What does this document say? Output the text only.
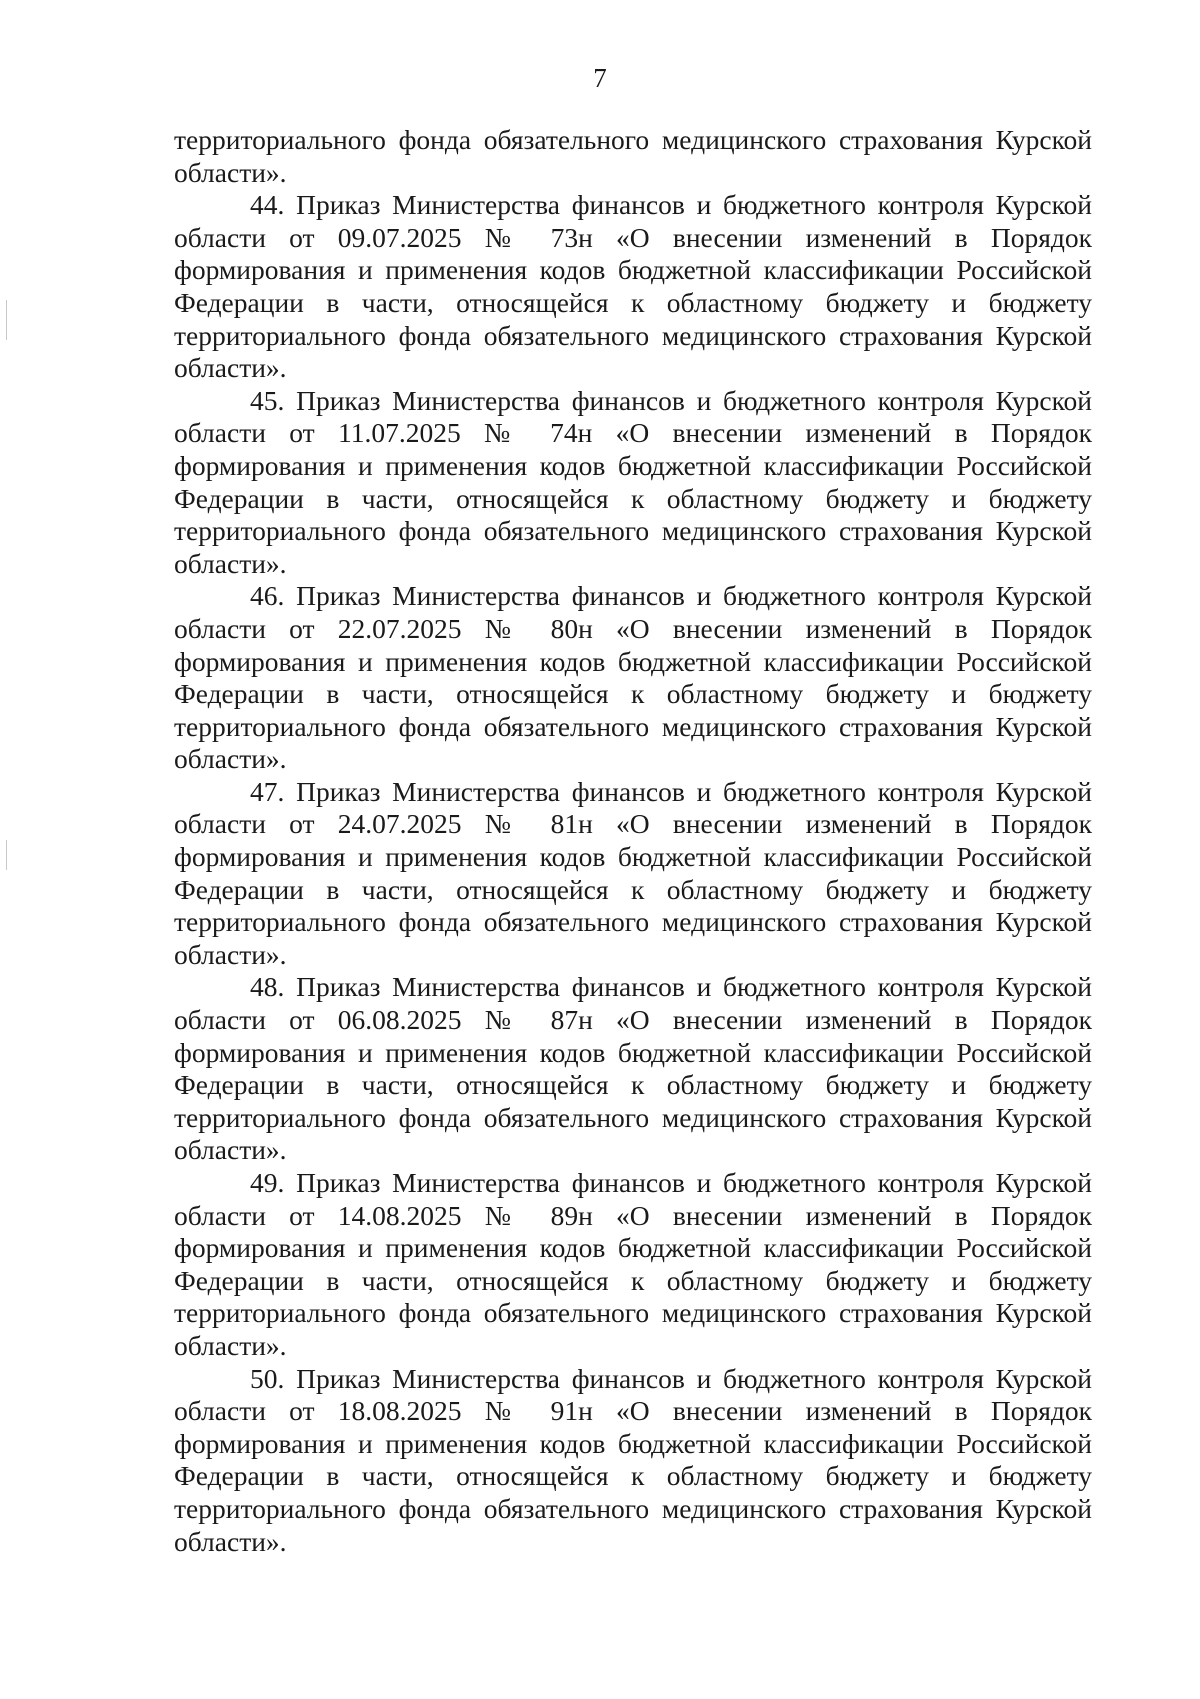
7

территориального фонда обязательного медицинского страхования Курской области».

44. Приказ Министерства финансов и бюджетного контроля Курской области от 09.07.2025 № 73н «О внесении изменений в Порядок формирования и применения кодов бюджетной классификации Российской Федерации в части, относящейся к областному бюджету и бюджету территориального фонда обязательного медицинского страхования Курской области».

45. Приказ Министерства финансов и бюджетного контроля Курской области от 11.07.2025 № 74н «О внесении изменений в Порядок формирования и применения кодов бюджетной классификации Российской Федерации в части, относящейся к областному бюджету и бюджету территориального фонда обязательного медицинского страхования Курской области».

46. Приказ Министерства финансов и бюджетного контроля Курской области от 22.07.2025 № 80н «О внесении изменений в Порядок формирования и применения кодов бюджетной классификации Российской Федерации в части, относящейся к областному бюджету и бюджету территориального фонда обязательного медицинского страхования Курской области».

47. Приказ Министерства финансов и бюджетного контроля Курской области от 24.07.2025 № 81н «О внесении изменений в Порядок формирования и применения кодов бюджетной классификации Российской Федерации в части, относящейся к областному бюджету и бюджету территориального фонда обязательного медицинского страхования Курской области».

48. Приказ Министерства финансов и бюджетного контроля Курской области от 06.08.2025 № 87н «О внесении изменений в Порядок формирования и применения кодов бюджетной классификации Российской Федерации в части, относящейся к областному бюджету и бюджету территориального фонда обязательного медицинского страхования Курской области».

49. Приказ Министерства финансов и бюджетного контроля Курской области от 14.08.2025 № 89н «О внесении изменений в Порядок формирования и применения кодов бюджетной классификации Российской Федерации в части, относящейся к областному бюджету и бюджету территориального фонда обязательного медицинского страхования Курской области».

50. Приказ Министерства финансов и бюджетного контроля Курской области от 18.08.2025 № 91н «О внесении изменений в Порядок формирования и применения кодов бюджетной классификации Российской Федерации в части, относящейся к областному бюджету и бюджету территориального фонда обязательного медицинского страхования Курской области».
